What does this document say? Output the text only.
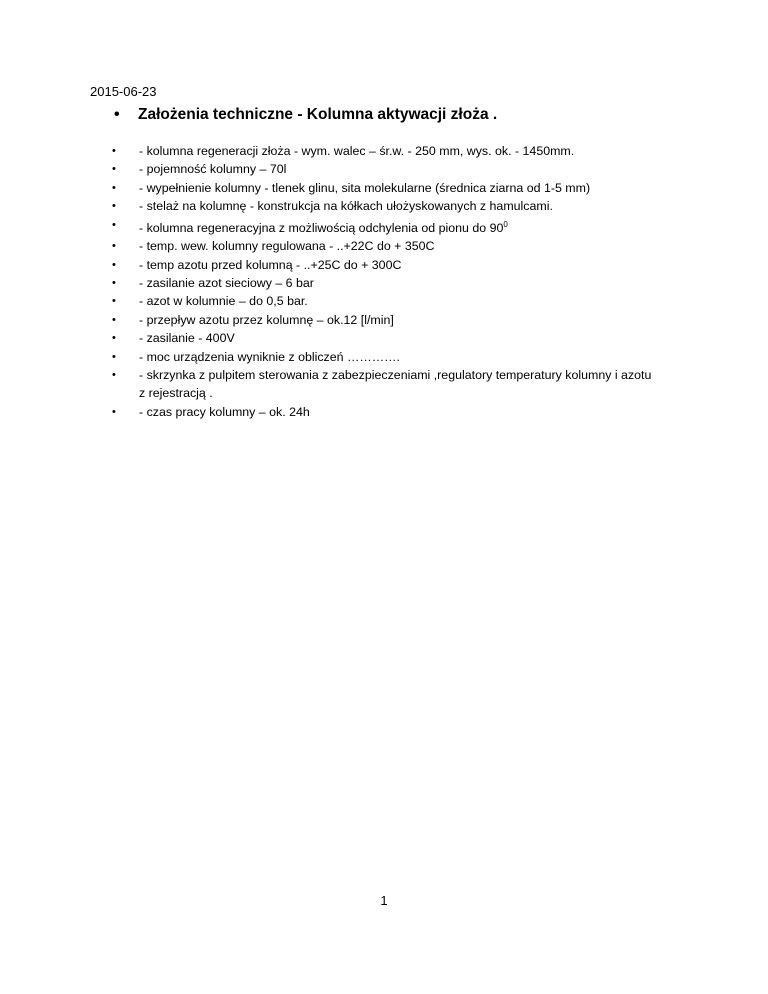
2015-06-23
• Założenia techniczne - Kolumna aktywacji złoża .
• - kolumna regeneracji złoża - wym. walec – śr.w. - 250 mm, wys. ok. - 1450mm.
• - pojemność kolumny – 70l
• - wypełnienie kolumny - tlenek glinu, sita molekularne (średnica ziarna od 1-5 mm)
• - stelaż na kolumnę - konstrukcja na kółkach ułożyskowanych z hamulcami.
• - kolumna regeneracyjna z możliwością odchylenia od pionu do $90^0$
• - temp. wew. kolumny regulowana - ..+22C do + 350C
• - temp azotu przed kolumną - ..+25C do + 300C
• - zasilanie azot sieciowy – 6 bar
• - azot w kolumnie – do 0,5 bar.
• - przepływ azotu przez kolumnę – ok.12 [l/min]
• - zasilanie - 400V
• - moc urządzenia wyniknie z obliczeń ………….
• - skrzynka z pulpitem sterowania z zabezpieczeniami ,regulatory temperatury kolumny i azotu z rejestracją .
• - czas pracy kolumny – ok. 24h
1
